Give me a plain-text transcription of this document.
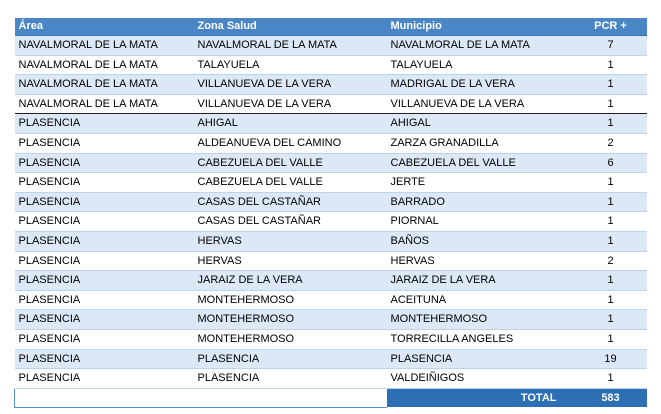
Área	Zona Salud	Municipio	PCR +
NAVALMORAL DE LA MATA	NAVALMORAL DE LA MATA	NAVALMORAL DE LA MATA	7
NAVALMORAL DE LA MATA	TALAYUELA	TALAYUELA	1
NAVALMORAL DE LA MATA	VILLANUEVA DE LA VERA	MADRIGAL DE LA VERA	1
NAVALMORAL DE LA MATA	VILLANUEVA DE LA VERA	VILLANUEVA DE LA VERA	1
PLASENCIA	AHIGAL	AHIGAL	1
PLASENCIA	ALDEANUEVA DEL CAMINO	ZARZA GRANADILLA	2
PLASENCIA	CABEZUELA DEL VALLE	CABEZUELA DEL VALLE	6
PLASENCIA	CABEZUELA DEL VALLE	JERTE	1
PLASENCIA	CASAS DEL CASTAÑAR	BARRADO	1
PLASENCIA	CASAS DEL CASTAÑAR	PIORNAL	1
PLASENCIA	HERVAS	BAÑOS	1
PLASENCIA	HERVAS	HERVAS	2
PLASENCIA	JARAIZ DE LA VERA	JARAIZ DE LA VERA	1
PLASENCIA	MONTEHERMOSO	ACEITUNA	1
PLASENCIA	MONTEHERMOSO	MONTEHERMOSO	1
PLASENCIA	MONTEHERMOSO	TORRECILLA ANGELES	1
PLASENCIA	PLASENCIA	PLASENCIA	19
PLASENCIA	PLASENCIA	VALDEIÑIGOS	1
		TOTAL	583
